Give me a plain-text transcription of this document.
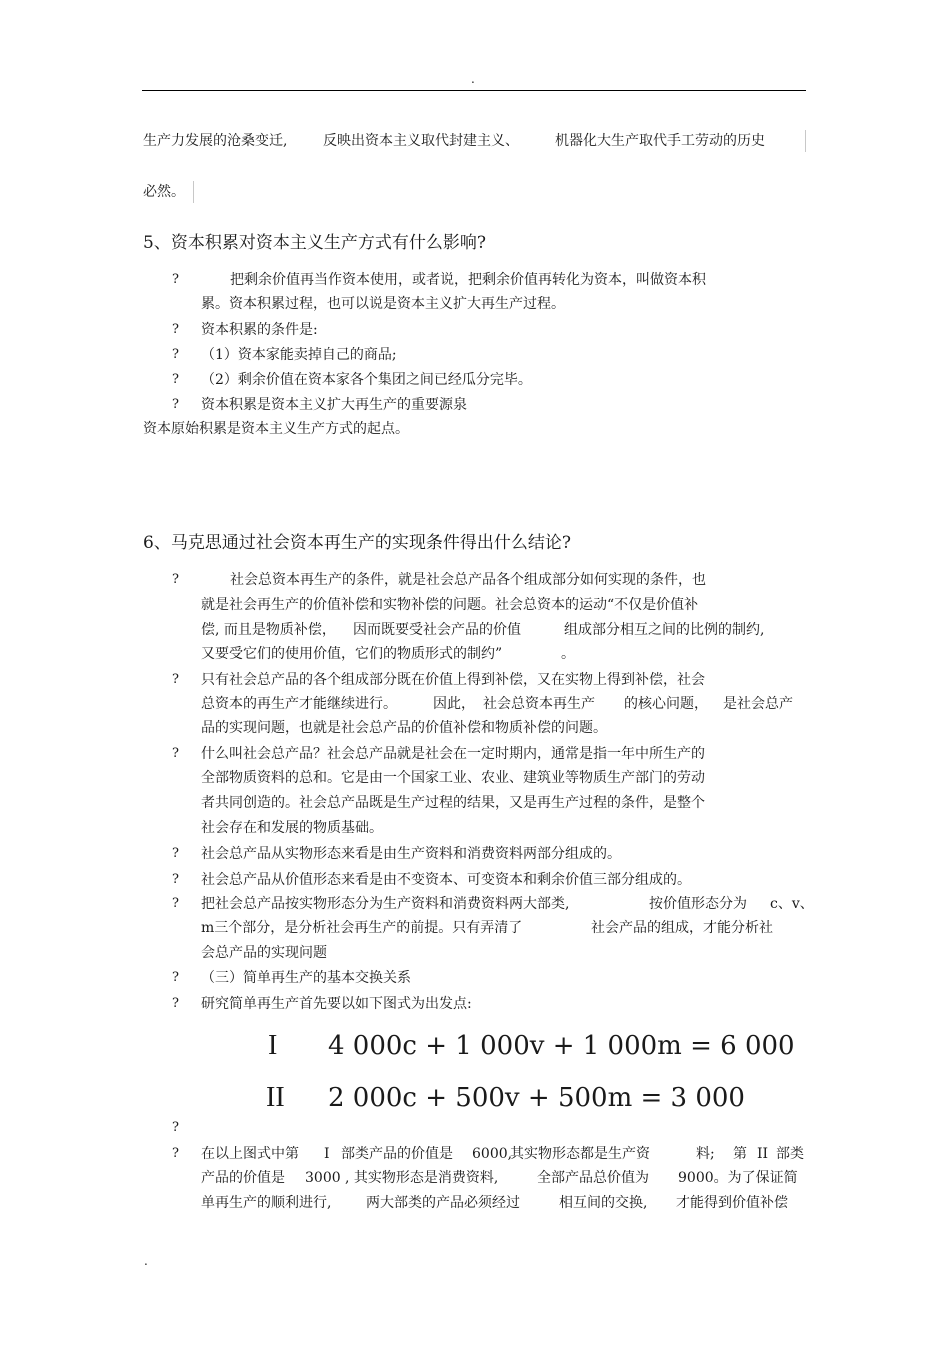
.
生产力发展的沧桑变迁,	反映出资本主义取代封建主义、	机器化大生产取代手工劳动的历史
必然。
5、资本积累对资本主义生产方式有什么影响?
?	把剩余价值再当作资本使用，或者说，把剩余价值再转化为资本，叫做资本积
累。资本积累过程，也可以说是资本主义扩大再生产过程。
? 资本积累的条件是:
? （1）资本家能卖掉自己的商品;
? （2）剩余价值在资本家各个集团之间已经瓜分完毕。
? 资本积累是资本主义扩大再生产的重要源泉
资本原始积累是资本主义生产方式的起点。
6、马克思通过社会资本再生产的实现条件得出什么结论?
?	社会总资本再生产的条件，就是社会总产品各个组成部分如何实现的条件，也
就是社会再生产的价值补偿和实物补偿的问题。社会总资本的运动“不仅是价值补
偿, 而且是物质补偿， 因而既要受社会产品的价值	组成部分相互之间的比例的制约,
又要受它们的使用价值，它们的物质形式的制约”	。
? 只有社会总产品的各个组成部分既在价值上得到补偿，又在实物上得到补偿，社会
总资本的再生产才能继续进行。	因此， 社会总资本再生产 的核心问题， 是社会总产
品的实现问题，也就是社会总产品的价值补偿和物质补偿的问题。
? 什么叫社会总产品？社会总产品就是社会在一定时期内，通常是指一年中所生产的
全部物质资料的总和。它是由一个国家工业、农业、建筑业等物质生产部门的劳动
者共同创造的。社会总产品既是生产过程的结果，又是再生产过程的条件，是整个
社会存在和发展的物质基础。
? 社会总产品从实物形态来看是由生产资料和消费资料两部分组成的。
? 社会总产品从价值形态来看是由不变资本、可变资本和剩余价值三部分组成的。
? 把社会总产品按实物形态分为生产资料和消费资料两大部类,	按价值形态分为 c、v、
m三个部分，是分析社会再生产的前提。只有弄清了	社会产品的组成，才能分析社
会总产品的实现问题
? （三）简单再生产的基本交换关系
? 研究简单再生产首先要以如下图式为出发点:
I 4 000c + 1 000v + 1 000m = 6 000
II 2 000c + 500v + 500m = 3 000
?
? 在以上图式中第 I 部类产品的价值是 6000,
其实物形态都是生产资	料; 第 II 部类
产品的价值是 3000 , 其实物形态是消费资料,	全部产品总价值为 9000。为了保证简
单再生产的顺利进行, 两大部类的产品必须经过	相互间的交换, 才能得到价值补偿
.
